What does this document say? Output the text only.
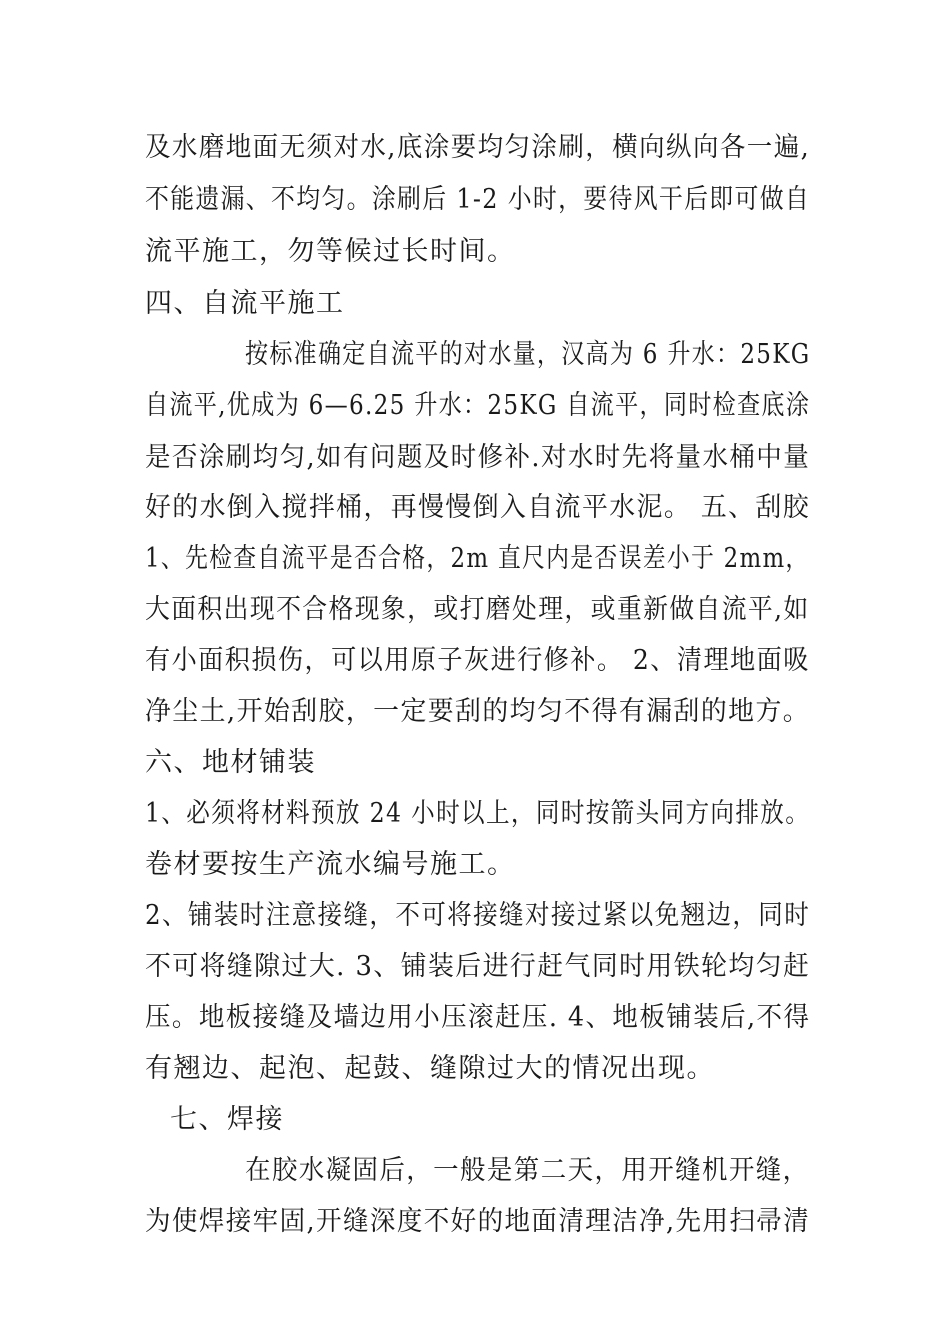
及水磨地面无须对水,底涂要均匀涂刷，横向纵向各一遍,
不能遗漏、不均匀。涂刷后 1-2 小时，要待风干后即可做自
流平施工，勿等候过长时间。
四、自流平施工
按标准确定自流平的对水量，汉高为 6 升水：25KG
自流平,优成为 6—6.25 升水：25KG 自流平，同时检查底涂
是否涂刷均匀,如有问题及时修补.对水时先将量水桶中量
好的水倒入搅拌桶，再慢慢倒入自流平水泥。 五、刮胶
1、先检查自流平是否合格，2m 直尺内是否误差小于 2mm，
大面积出现不合格现象，或打磨处理，或重新做自流平,如
有小面积损伤，可以用原子灰进行修补。 2、清理地面吸
净尘土,开始刮胶，一定要刮的均匀不得有漏刮的地方。
六、地材铺装
1、必须将材料预放 24 小时以上，同时按箭头同方向排放。
卷材要按生产流水编号施工。
2、铺装时注意接缝，不可将接缝对接过紧以免翘边，同时
不可将缝隙过大. 3、铺装后进行赶气同时用铁轮均匀赶
压。地板接缝及墙边用小压滚赶压. 4、地板铺装后,不得
有翘边、起泡、起鼓、缝隙过大的情况出现。
七、焊接
在胶水凝固后，一般是第二天，用开缝机开缝，
为使焊接牢固,开缝深度不好的地面清理洁净,先用扫帚清
